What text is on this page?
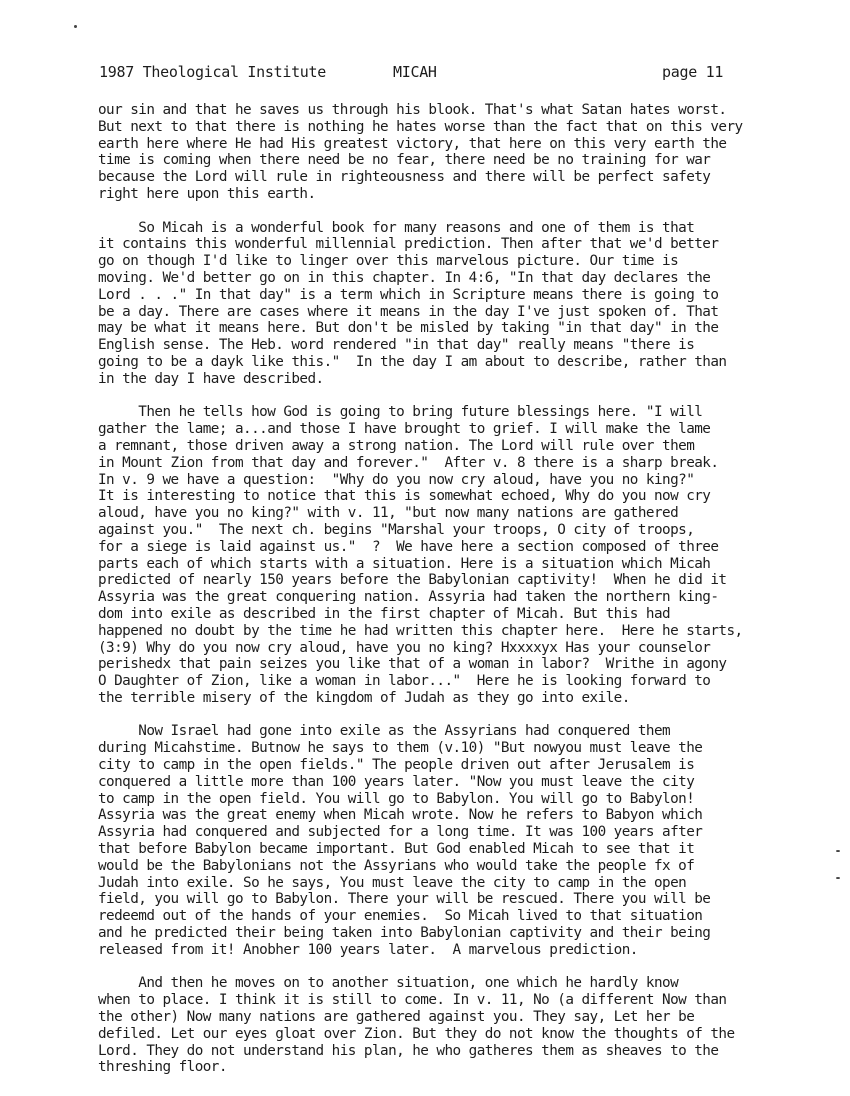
1987 Theological Institute	MICAH	page 11
our sin and that he saves us through his blook. That's what Satan hates worst.
But next to that there is nothing he hates worse than the fact that on this very
earth here where He had His greatest victory, that here on this very earth the
time is coming when there need be no fear, there need be no training for war
because the Lord will rule in righteousness and there will be perfect safety
right here upon this earth.
So Micah is a wonderful book for many reasons and one of them is that
it contains this wonderful millennial prediction. Then after that we'd better
go on though I'd like to linger over this marvelous picture. Our time is
moving. We'd better go on in this chapter. In 4:6, "In that day declares the
Lord . . ." In that day" is a term which in Scripture means there is going to
be a day. There are cases where it means in the day I've just spoken of. That
may be what it means here. But don't be misled by taking "in that day" in the
English sense. The Heb. word rendered "in that day" really means "there is
going to be a dayk like this."  In the day I am about to describe, rather than
in the day I have described.
Then he tells how God is going to bring future blessings here. "I will
gather the lame; a...and those I have brought to grief. I will make the lame
a remnant, those driven away a strong nation. The Lord will rule over them
in Mount Zion from that day and forever."  After v. 8 there is a sharp break.
In v. 9 we have a question:  "Why do you now cry aloud, have you no king?"
It is interesting to notice that this is somewhat echoed, Why do you now cry
aloud, have you no king?" with v. 11, "but now many nations are gathered
against you."  The next ch. begins "Marshal your troops, O city of troops,
for a siege is laid against us."  ?  We have here a section composed of three
parts each of which starts with a situation. Here is a situation which Micah
predicted of nearly 150 years before the Babylonian captivity!  When he did it
Assyria was the great conquering nation. Assyria had taken the northern king-
dom into exile as described in the first chapter of Micah. But this had
happened no doubt by the time he had written this chapter here.  Here he starts,
(3:9) Why do you now cry aloud, have you no king? Hxxxxyx Has your counselor
perishedx that pain seizes you like that of a woman in labor?  Writhe in agony
O Daughter of Zion, like a woman in labor..."  Here he is looking forward to
the terrible misery of the kingdom of Judah as they go into exile.
Now Israel had gone into exile as the Assyrians had conquered them
during Micahstime. Butnow he says to them (v.10) "But nowyou must leave the
city to camp in the open fields." The people driven out after Jerusalem is
conquered a little more than 100 years later. "Now you must leave the city
to camp in the open field. You will go to Babylon. You will go to Babylon!
Assyria was the great enemy when Micah wrote. Now he refers to Babyon which
Assyria had conquered and subjected for a long time. It was 100 years after
that before Babylon became important. But God enabled Micah to see that it
would be the Babylonians not the Assyrians who would take the people fx of
Judah into exile. So he says, You must leave the city to camp in the open
field, you will go to Babylon. There your will be rescued. There you will be
redeemd out of the hands of your enemies.  So Micah lived to that situation
and he predicted their being taken into Babylonian captivity and their being
released from it! Anobher 100 years later.  A marvelous prediction.
And then he moves on to another situation, one which he hardly know
when to place. I think it is still to come. In v. 11, No (a different Now than
the other) Now many nations are gathered against you. They say, Let her be
defiled. Let our eyes gloat over Zion. But they do not know the thoughts of the
Lord. They do not understand his plan, he who gatheres them as sheaves to the
threshing floor.
